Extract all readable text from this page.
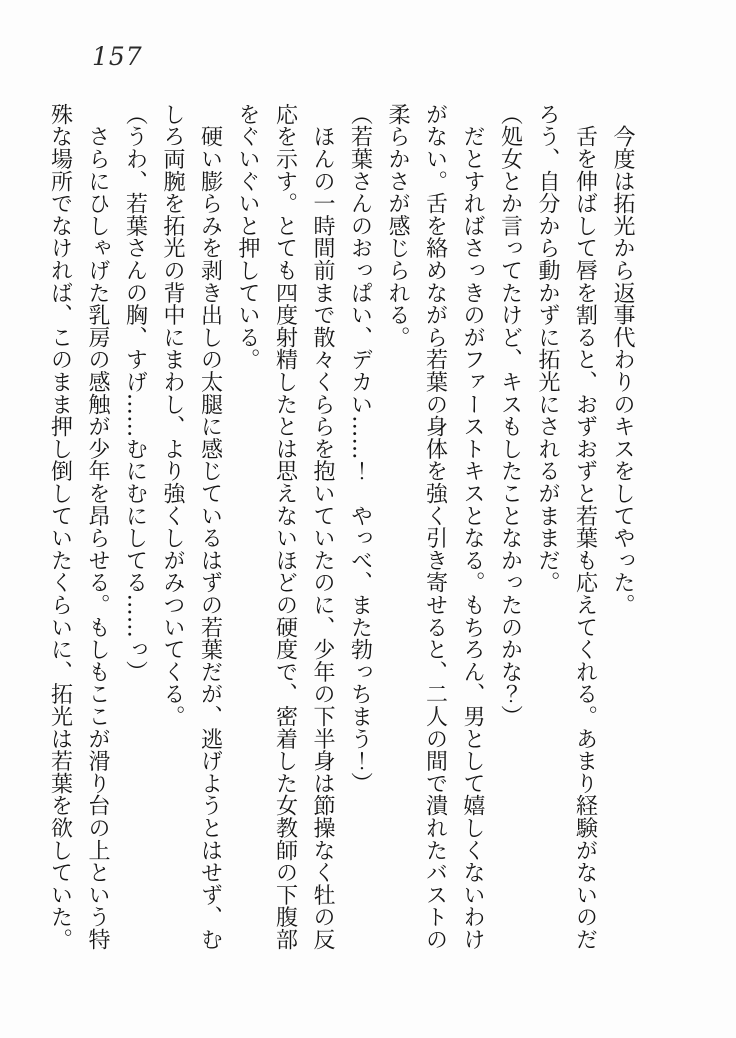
157
　今度は拓光から返事代わりのキスをしてやった。
　舌を伸ばして唇を割ると、おずおずと若葉も応えてくれる。あまり経験がないのだ
ろう、自分から動かずに拓光にされるがままだ。
（処女とか言ってたけど、キスもしたことなかったのかな？）
　だとすればさっきのがファーストキスとなる。もちろん、男として嬉しくないわけ
がない。舌を絡めながら若葉の身体を強く引き寄せると、二人の間で潰れたバストの
柔らかさが感じられる。
（若葉さんのおっぱい、デカい……！　やっべ、また勃っちまう！）
　ほんの一時間前まで散々くららを抱いていたのに、少年の下半身は節操なく牡の反
応を示す。とても四度射精したとは思えないほどの硬度で、密着した女教師の下腹部
をぐいぐいと押している。
　硬い膨らみを剥き出しの太腿に感じているはずの若葉だが、逃げようとはせず、む
しろ両腕を拓光の背中にまわし、より強くしがみついてくる。
（うわ、若葉さんの胸、すげ……むにむにしてる……っ）
　さらにひしゃげた乳房の感触が少年を昂らせる。もしもここが滑り台の上という特
殊な場所でなければ、このまま押し倒していたくらいに、拓光は若葉を欲していた。
